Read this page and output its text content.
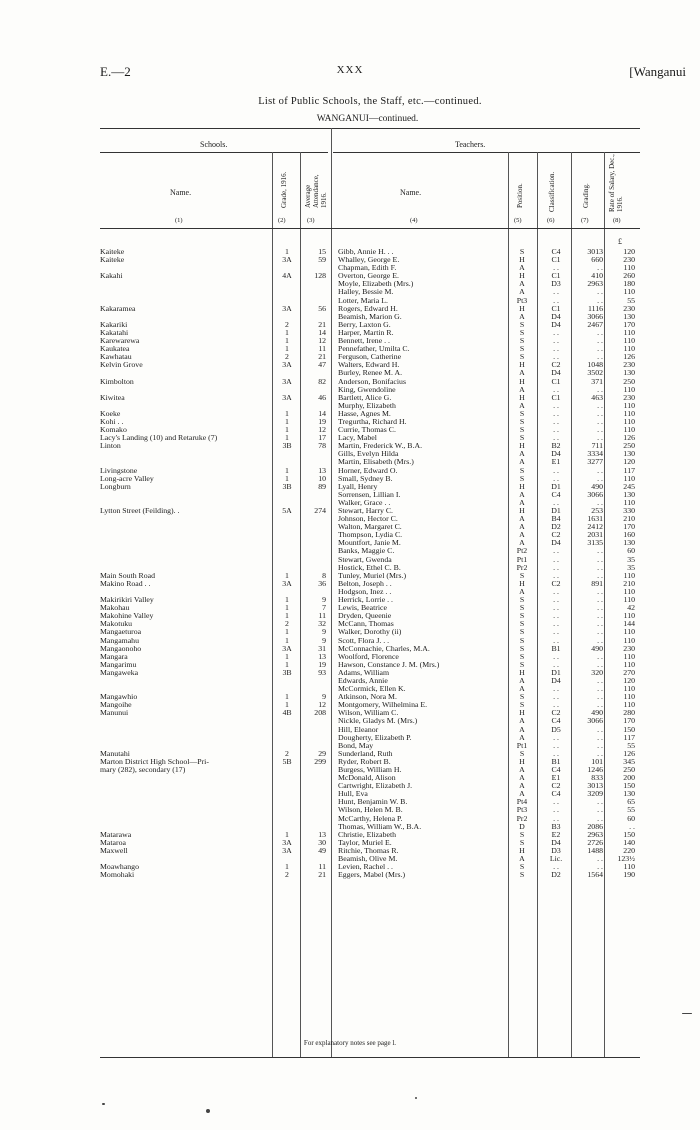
E.—2	XXX	[Wanganui
List of Public Schools, the Staff, etc.—continued.
WANGANUI—continued.
Schools.	Teachers.
Name.	Grade, 1916. Average Attendance, 1916.	Name.	Position.	Classification.	Grading.	Rate of Salary, Dec., 1916.
(1)	(2)	(3)	(4)	(5)	(6)	(7)	(8)
£
Kaiteke	1	15 Gibb, Annie H. . .	S	C4	3013	120
Kaiteke	3A	59 Whalley, George E.	H	C1	660	230
Chapman, Edith F.	A	. .	. .	110
Kakahi	4A	128 Overton, George E.	H	C1	410	260
Moyle, Elizabeth (Mrs.)	A	D3	2963	180
Halley, Bessie M.	A	. .	. .	110
Lotter, Maria L.	Pt3	. .	. .	55
Kakaramea	3A	56 Rogers, Edward H.	H	C1	1116	230
Beamish, Marion G.	A	D4	3066	130
Kakariki	2	21 Berry, Laxton G.	S	D4	2467	170
Kakatahi	1	14 Harper, Martin R.	S	. .	. .	110
Karewarewa	1	12 Bennett, Irene . .	S	. .	. .	110
Kaukatea	1	11 Pennefather, Umilta C.	S	. .	. .	110
Kawhatau	2	21 Ferguson, Catherine	S	. .	. .	126
Kelvin Grove	3A	47 Walters, Edward H.	H	C2	1048	230
Burley, Renee M. A.	A	D4	3502	130
Kimbolton	3A	82 Anderson, Bonifacius	H	C1	371	250
King, Gwendoline	A	. .	. .	110
Kiwitea	3A	46 Bartlett, Alice G.	H	C1	463	230
Murphy, Elizabeth	A	. .	. .	110
Koeke	1	14 Hasse, Agnes M.	S	. .	. .	110
Kohi . .	1	19 Tregurtha, Richard H.	S	. .	. .	110
Komako	1	12 Currie, Thomas C.	S	. .	. .	110
Lacy's Landing (10) and Retaruke (7)	1	17 Lacy, Mabel	S	. .	. .	126
Linton	3B	78 Martin, Frederick W., B.A.	H	B2	711	250
Gills, Evelyn Hilda	A	D4	3334	130
Martin, Elisabeth (Mrs.)	A	E1	3277	120
Livingstone	1	13 Horner, Edward O.	S	. .	. .	117
Long-acre Valley	1	10 Small, Sydney B.	S	. .	. .	110
Longburn	3B	89 Lyall, Henry	H	D1	490	245
Sorrensen, Lillian I.	A	C4	3066	130
Walker, Grace . .	A	. .	. .	110
Lytton Street (Feilding). .	5A	274 Stewart, Harry C.	H	D1	253	330
Johnson, Hector C.	A	B4	1631	210
Walton, Margaret C.	A	D2	2412	170
Thompson, Lydia C.	A	C2	2031	160
Mountfort, Janie M.	A	D4	3135	130
Banks, Maggie C.	Pt2	. .	. .	60
Stewart, Gwenda	Pt1	. .	. .	35
Hostick, Ethel C. B.	Pr2	. .	. .	35
Main South Road	1	8 Tunley, Muriel (Mrs.)	S	. .	. .	110
Makino Road . .	3A	36 Belton, Joseph . .	H	C2	891	210
Hodgson, Inez . .	A	. .	. .	110
Makirikiri Valley	1	9 Herrick, Lorrie . .	S	. .	. .	110
Makohau	1	7 Lewis, Beatrice	S	. .	. .	42
Makohine Valley	1	11 Dryden, Queenie	S	. .	. .	110
Makotuku	2	32 McCann, Thomas	S	. .	. .	144
Mangaeturoa	1	9 Walker, Dorothy (ii)	S	. .	. .	110
Mangamahu	1	9 Scott, Flora J. . .	S	. .	. .	110
Mangaonoho	3A	31 McConnachie, Charles, M.A.	S	B1	490	230
Mangara	1	13 Woolford, Florence	S	. .	. .	110
Mangarimu	1	19 Hawson, Constance J. M. (Mrs.)	S	. .	. .	110
Mangaweka	3B	93 Adams, William	H	D1	320	270
Edwards, Annie	A	D4	. .	120
McCormick, Ellen K.	A	. .	. .	110
Mangawhio	1	9 Atkinson, Nora M.	S	. .	. .	110
Mangoihe	1	12 Montgomery, Wilhelmina E.	S	. .	. .	110
Manunui	4B	208 Wilson, William C.	H	C2	490	280
Nickle, Gladys M. (Mrs.)	A	C4	3066	170
Hill, Eleanor	A	D5	. .	150
Dougherty, Elizabeth P.	A	. .	. .	117
Bond, May	Pt1	. .	. .	55
Manutahi	2	29 Sunderland, Ruth	S	. .	. .	126
Marton District High School—Pri-	5B	299 Ryder, Robert B.	H	B1	101	345
mary (282), secondary (17)	Burgess, William H.	A	C4	1246	250
McDonald, Alison	A	E1	833	200
Cartwright, Elizabeth J.	A	C2	3013	150
Hull, Eva	A	C4	3209	130
Hunt, Benjamin W. B.	Pt4	. .	. .	65
Wilson, Helen M. B.	Pt3	. .	. .	55
McCarthy, Helena P.	Pr2	. .	. .	60
Thomas, William W., B.A.	D	B3	2086	. .
Matarawa	1	13 Christie, Elizabeth	S	E2	2963	150
Mataroa	3A	30 Taylor, Muriel E.	S	D4	2726	140
Maxwell	3A	49 Ritchie, Thomas R.	H	D3	1488	220
Beamish, Olive M.	A	Lic.	. .	123½
Moawhango	1	11 Levien, Rachel . .	S	. .	. .	110
Momohaki	2	21 Eggers, Mabel (Mrs.)	S	D2	1564	190
For explanatory notes see page l.
